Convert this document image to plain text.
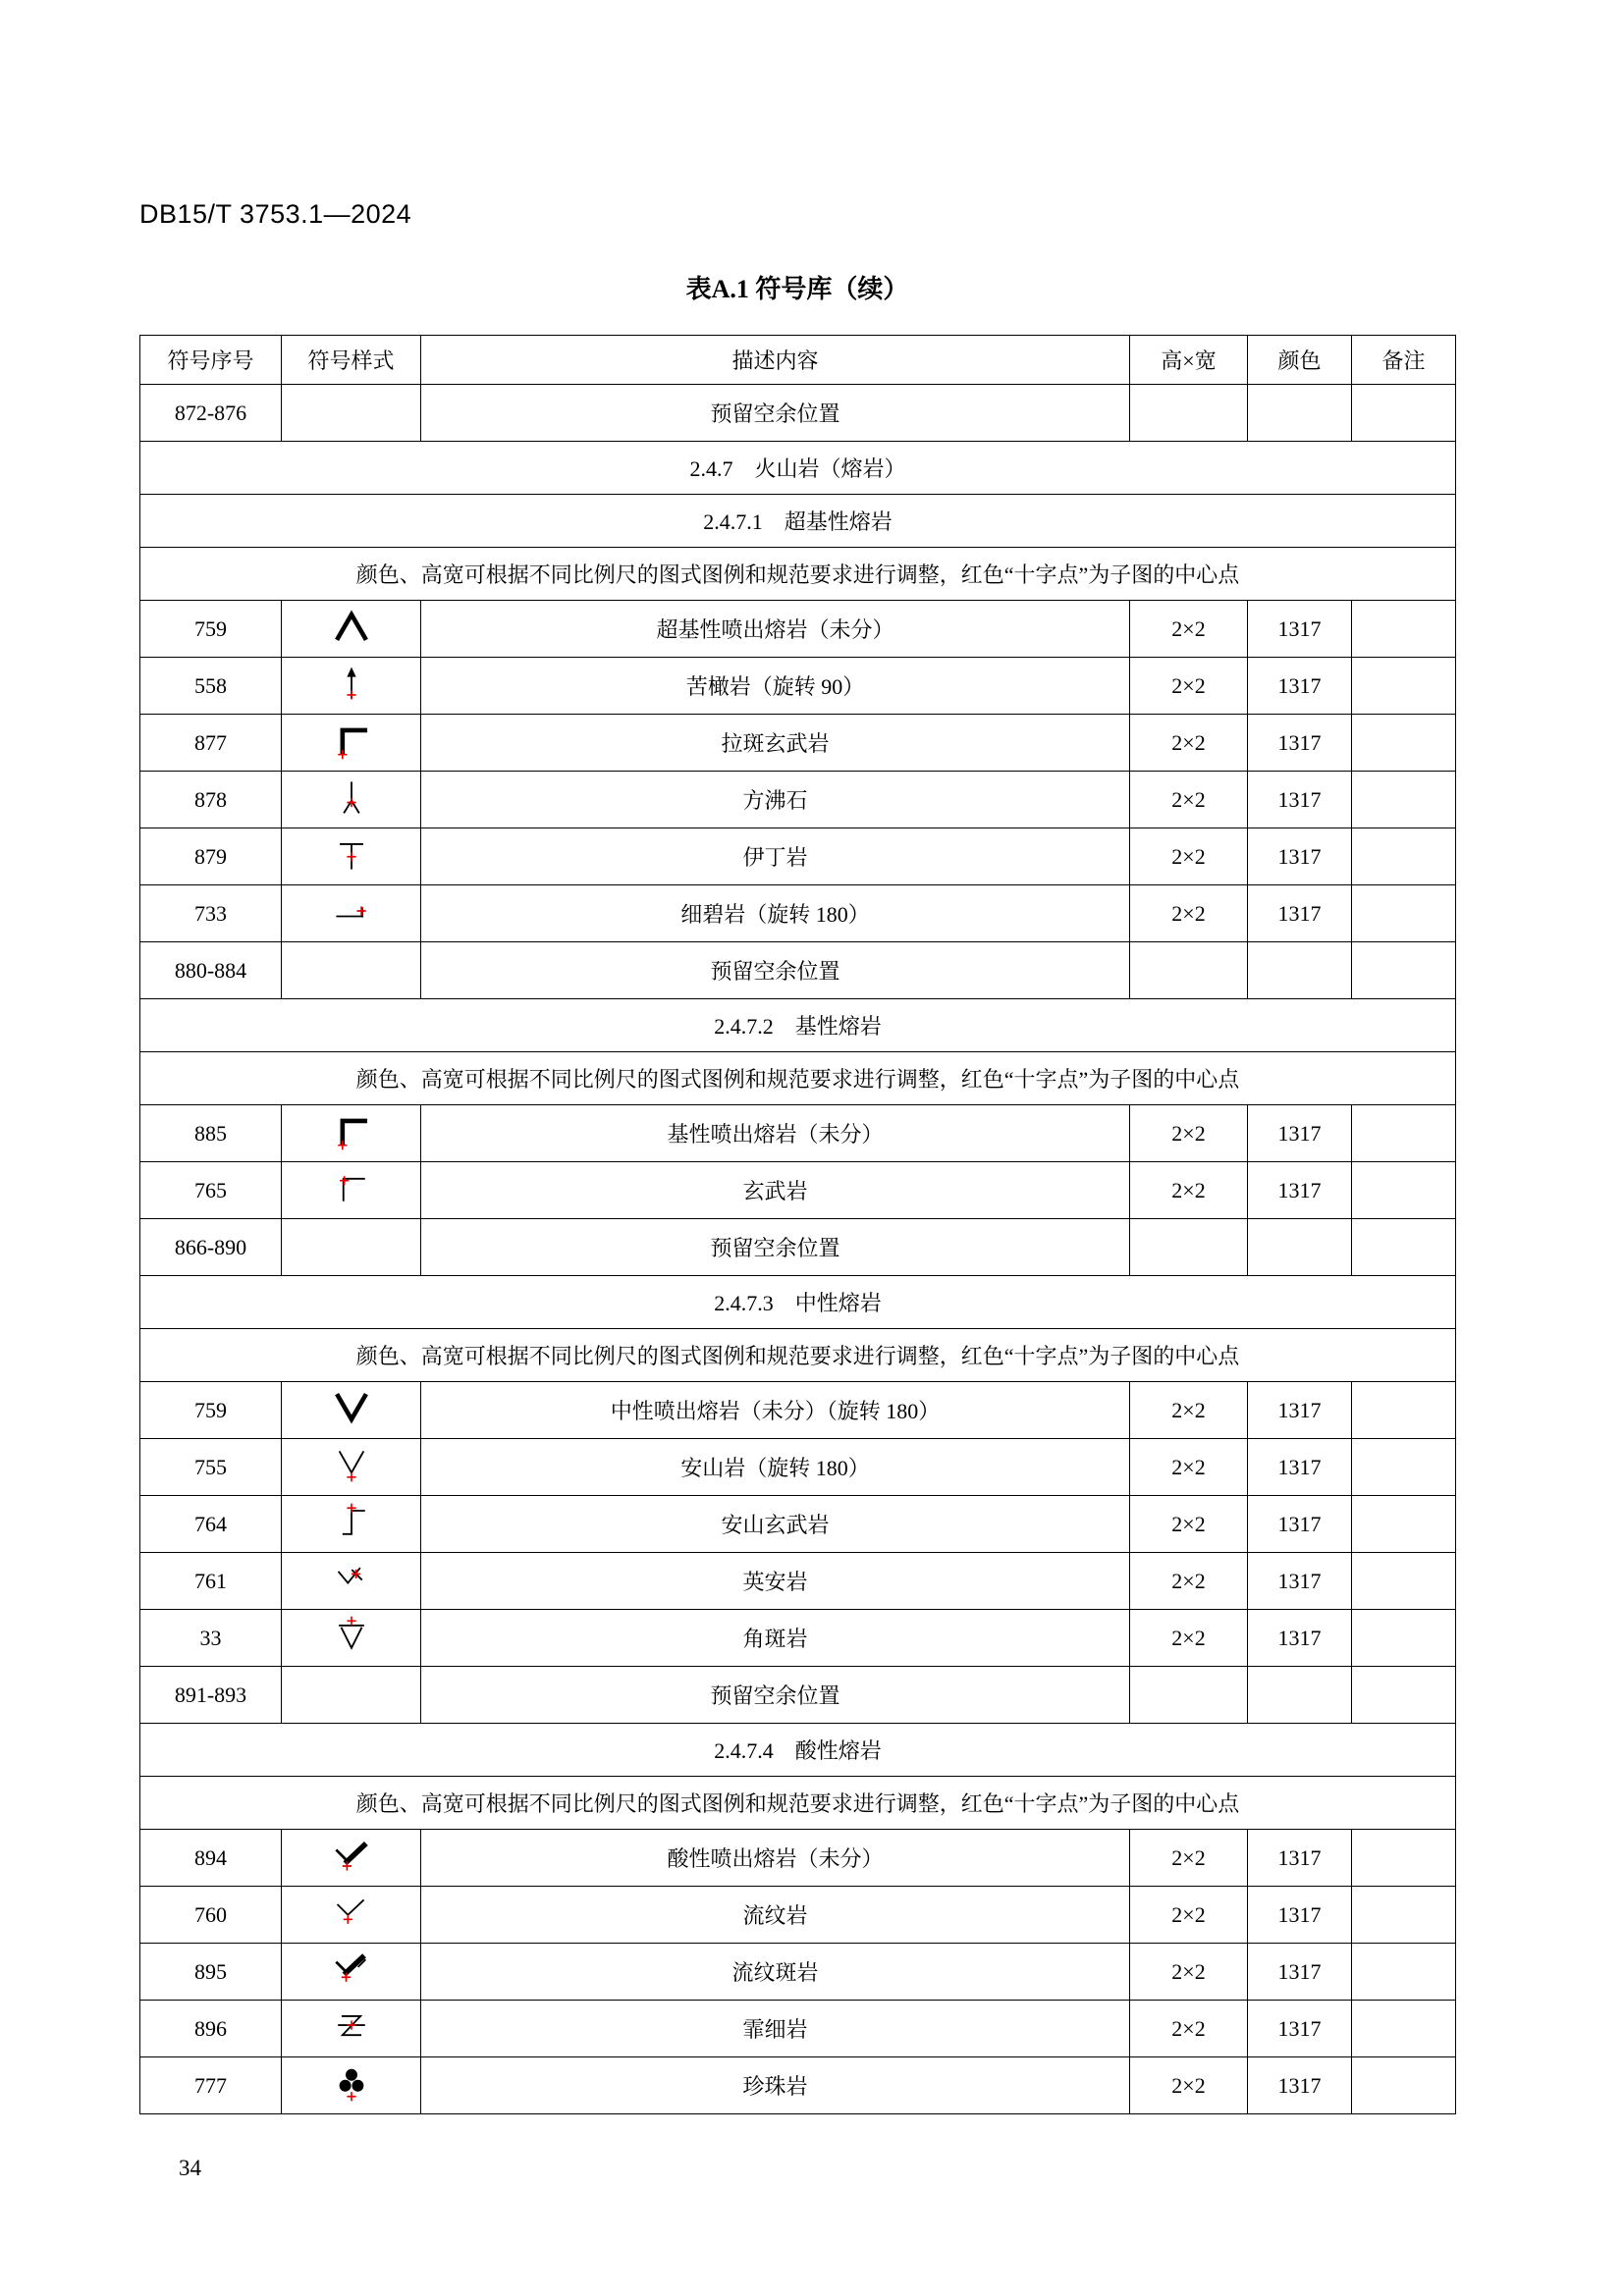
DB15/T 3753.1—2024
表A.1 符号库（续）
符号序号	符号样式	描述内容	高×宽	颜色	备注
872-876		预留空余位置			
2.4.7　火山岩（熔岩）					
2.4.7.1　超基性熔岩					
颜色、高宽可根据不同比例尺的图式图例和规范要求进行调整，红色“十字点”为子图的中心点					
759		超基性喷出熔岩（未分）	2×2	1317	
558		苦橄岩（旋转 90）	2×2	1317	
877		拉斑玄武岩	2×2	1317	
878		方沸石	2×2	1317	
879		伊丁岩	2×2	1317	
733		细碧岩（旋转 180）	2×2	1317	
880-884		预留空余位置			
2.4.7.2　基性熔岩					
颜色、高宽可根据不同比例尺的图式图例和规范要求进行调整，红色“十字点”为子图的中心点					
885		基性喷出熔岩（未分）	2×2	1317	
765		玄武岩	2×2	1317	
866-890		预留空余位置			
2.4.7.3　中性熔岩					
颜色、高宽可根据不同比例尺的图式图例和规范要求进行调整，红色“十字点”为子图的中心点					
759		中性喷出熔岩（未分）（旋转 180）	2×2	1317	
755		安山岩（旋转 180）	2×2	1317	
764		安山玄武岩	2×2	1317	
761		英安岩	2×2	1317	
33		角斑岩	2×2	1317	
891-893		预留空余位置			
2.4.7.4　酸性熔岩					
颜色、高宽可根据不同比例尺的图式图例和规范要求进行调整，红色“十字点”为子图的中心点					
894		酸性喷出熔岩（未分）	2×2	1317	
760		流纹岩	2×2	1317	
895		流纹斑岩	2×2	1317	
896		霏细岩	2×2	1317	
777		珍珠岩	2×2	1317	
34
